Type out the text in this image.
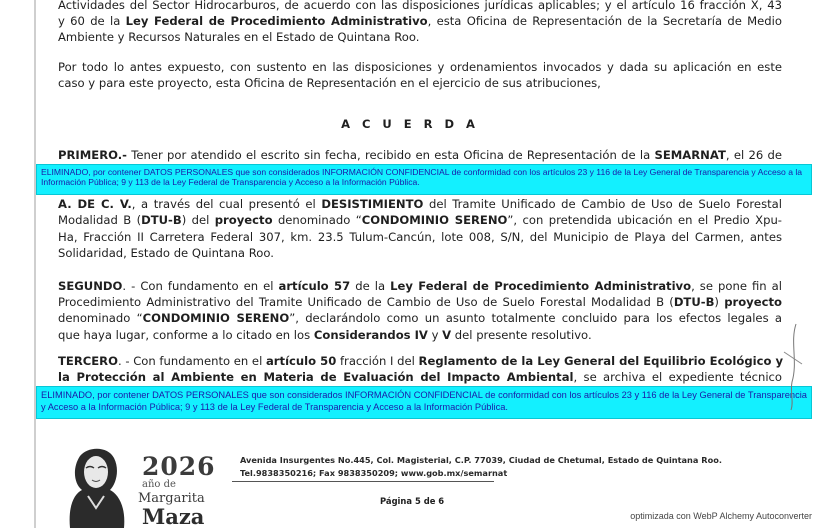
Actividades del Sector Hidrocarburos, de acuerdo con las disposiciones jurídicas aplicables; y el artículo 16 fracción X, 43
y 60 de la Ley Federal de Procedimiento Administrativo, esta Oficina de Representación de la Secretaría de Medio
Ambiente y Recursos Naturales en el Estado de Quintana Roo.
Por todo lo antes expuesto, con sustento en las disposiciones y ordenamientos invocados y dada su aplicación en este
caso y para este proyecto, esta Oficina de Representación en el ejercicio de sus atribuciones,
A C U E R D A
PRIMERO.- Tener por atendido el escrito sin fecha, recibido en esta Oficina de Representación de la SEMARNAT, el 26 de
ELIMINADO, por contener DATOS PERSONALES que son considerados INFORMACIÓN CONFIDENCIAL de conformidad con los artículos 23 y 116 de la Ley General de Transparencia y Acceso a la Información Pública; 9 y 113 de la Ley Federal de Transparencia y Acceso a la Información Pública.
A. DE C. V., a través del cual presentó el DESISTIMIENTO del Tramite Unificado de Cambio de Uso de Suelo Forestal
Modalidad B (DTU-B) del proyecto denominado “CONDOMINIO SERENO”, con pretendida ubicación en el Predio Xpu-
Ha, Fracción II Carretera Federal 307, km. 23.5 Tulum-Cancún, lote 008, S/N, del Municipio de Playa del Carmen, antes
Solidaridad, Estado de Quintana Roo.
SEGUNDO. - Con fundamento en el artículo 57 de la Ley Federal de Procedimiento Administrativo, se pone fin al
Procedimiento Administrativo del Tramite Unificado de Cambio de Uso de Suelo Forestal Modalidad B (DTU-B) proyecto
denominado “CONDOMINIO SERENO”, declarándolo como un asunto totalmente concluido para los efectos legales a
que haya lugar, conforme a lo citado en los Considerandos IV y V del presente resolutivo.
TERCERO. - Con fundamento en el artículo 50 fracción I del Reglamento de la Ley General del Equilibrio Ecológico y
la Protección al Ambiente en Materia de Evaluación del Impacto Ambiental, se archiva el expediente técnico
ELIMINADO, por contener DATOS PERSONALES que son considerados INFORMACIÓN CONFIDENCIAL de conformidad con los artículos 23 y 116 de la Ley General de Transparencia y Acceso a la Información Pública; 9 y 113 de la Ley Federal de Transparencia y Acceso a la Información Pública.
2026
año de
Margarita
Maza
Avenida Insurgentes No.445, Col. Magisterial, C.P. 77039, Ciudad de Chetumal, Estado de Quintana Roo.
Tel.9838350216; Fax 9838350209; www.gob.mx/semarnat
Página 5 de 6
optimizada con WebP Alchemy Autoconverter
